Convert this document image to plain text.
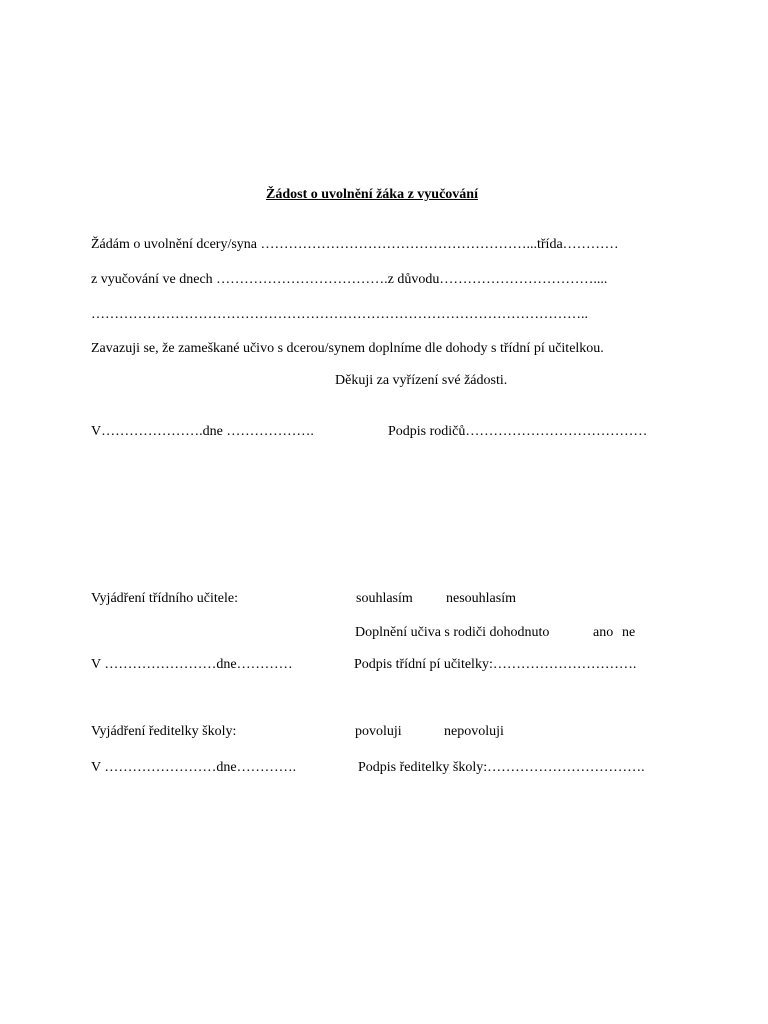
Žádost o uvolnění žáka z vyučování
Žádám o uvolnění dcery/syna …………………………………………………...třída…………
z vyučování ve dnech ……………………………….z důvodu……………………………....
……………………………………………………………………………………………..
Zavazuji se, že zameškané učivo s dcerou/synem doplníme dle dohody s třídní pí učitelkou.
Děkuji za vyřízení své žádosti.
V………………….dne ……………….	Podpis rodičů…………………………………
Vyjádření třídního učitele:	souhlasím nesouhlasím
Doplnění učiva s rodiči dohodnuto	ano ne
V ……………………dne…………	Podpis třídní pí učitelky:………………………….
Vyjádření ředitelky školy:	povoluji	nepovoluji
V ……………………dne………….	Podpis ředitelky školy:…………………………….
